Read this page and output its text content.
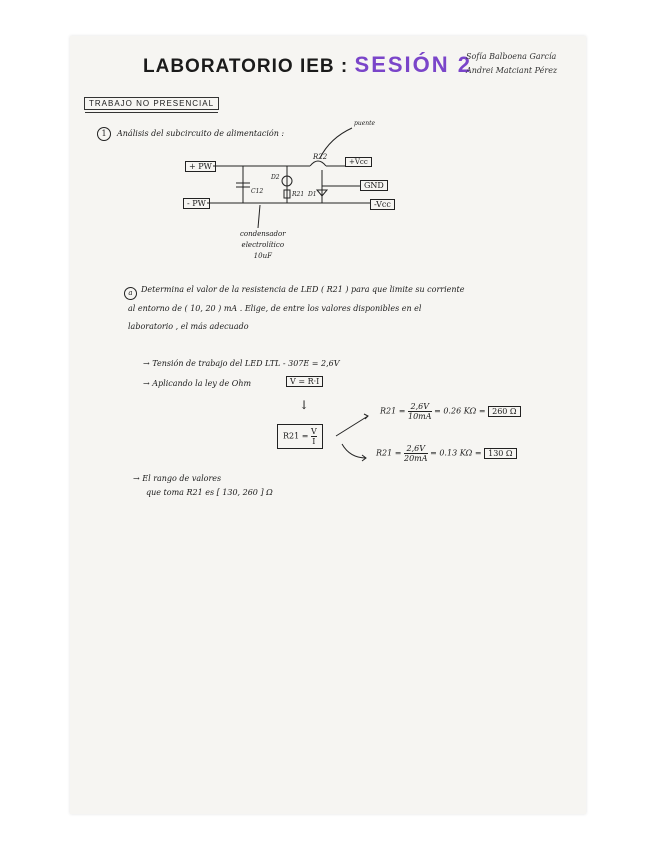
LABORATORIO IEB : SESIÓN 2
Sofía Balboena García
Andrei Matciant Pérez
TRABAJO NO PRESENCIAL
1	Análisis del subcircuito de alimentación :
+ PW
- PW
+Vcc
GND
-Vcc
R22
R21
C12
D2
D1
puente
condensador
electrolítico
10uF
a	Determina el valor de la resistencia de LED ( R21 ) para que limite su corriente
al entorno de ( 10, 20 ) mA . Elige, de entre los valores disponibles en el
laboratorio , el más adecuado
→ Tensión de trabajo del LED LTL - 307E = 2,6V
→ Aplicando la ley de Ohm	V = R·I
↓
$R21 = \frac{V}{I}$
$R21 = \frac{2,6V}{10mA} = 0.26$ KΩ = 260 Ω
$R21 = \frac{2,6V}{20mA} = 0.13$ KΩ = 130 Ω
→ El rango de valores
que toma R21 es [ 130, 260 ] Ω
